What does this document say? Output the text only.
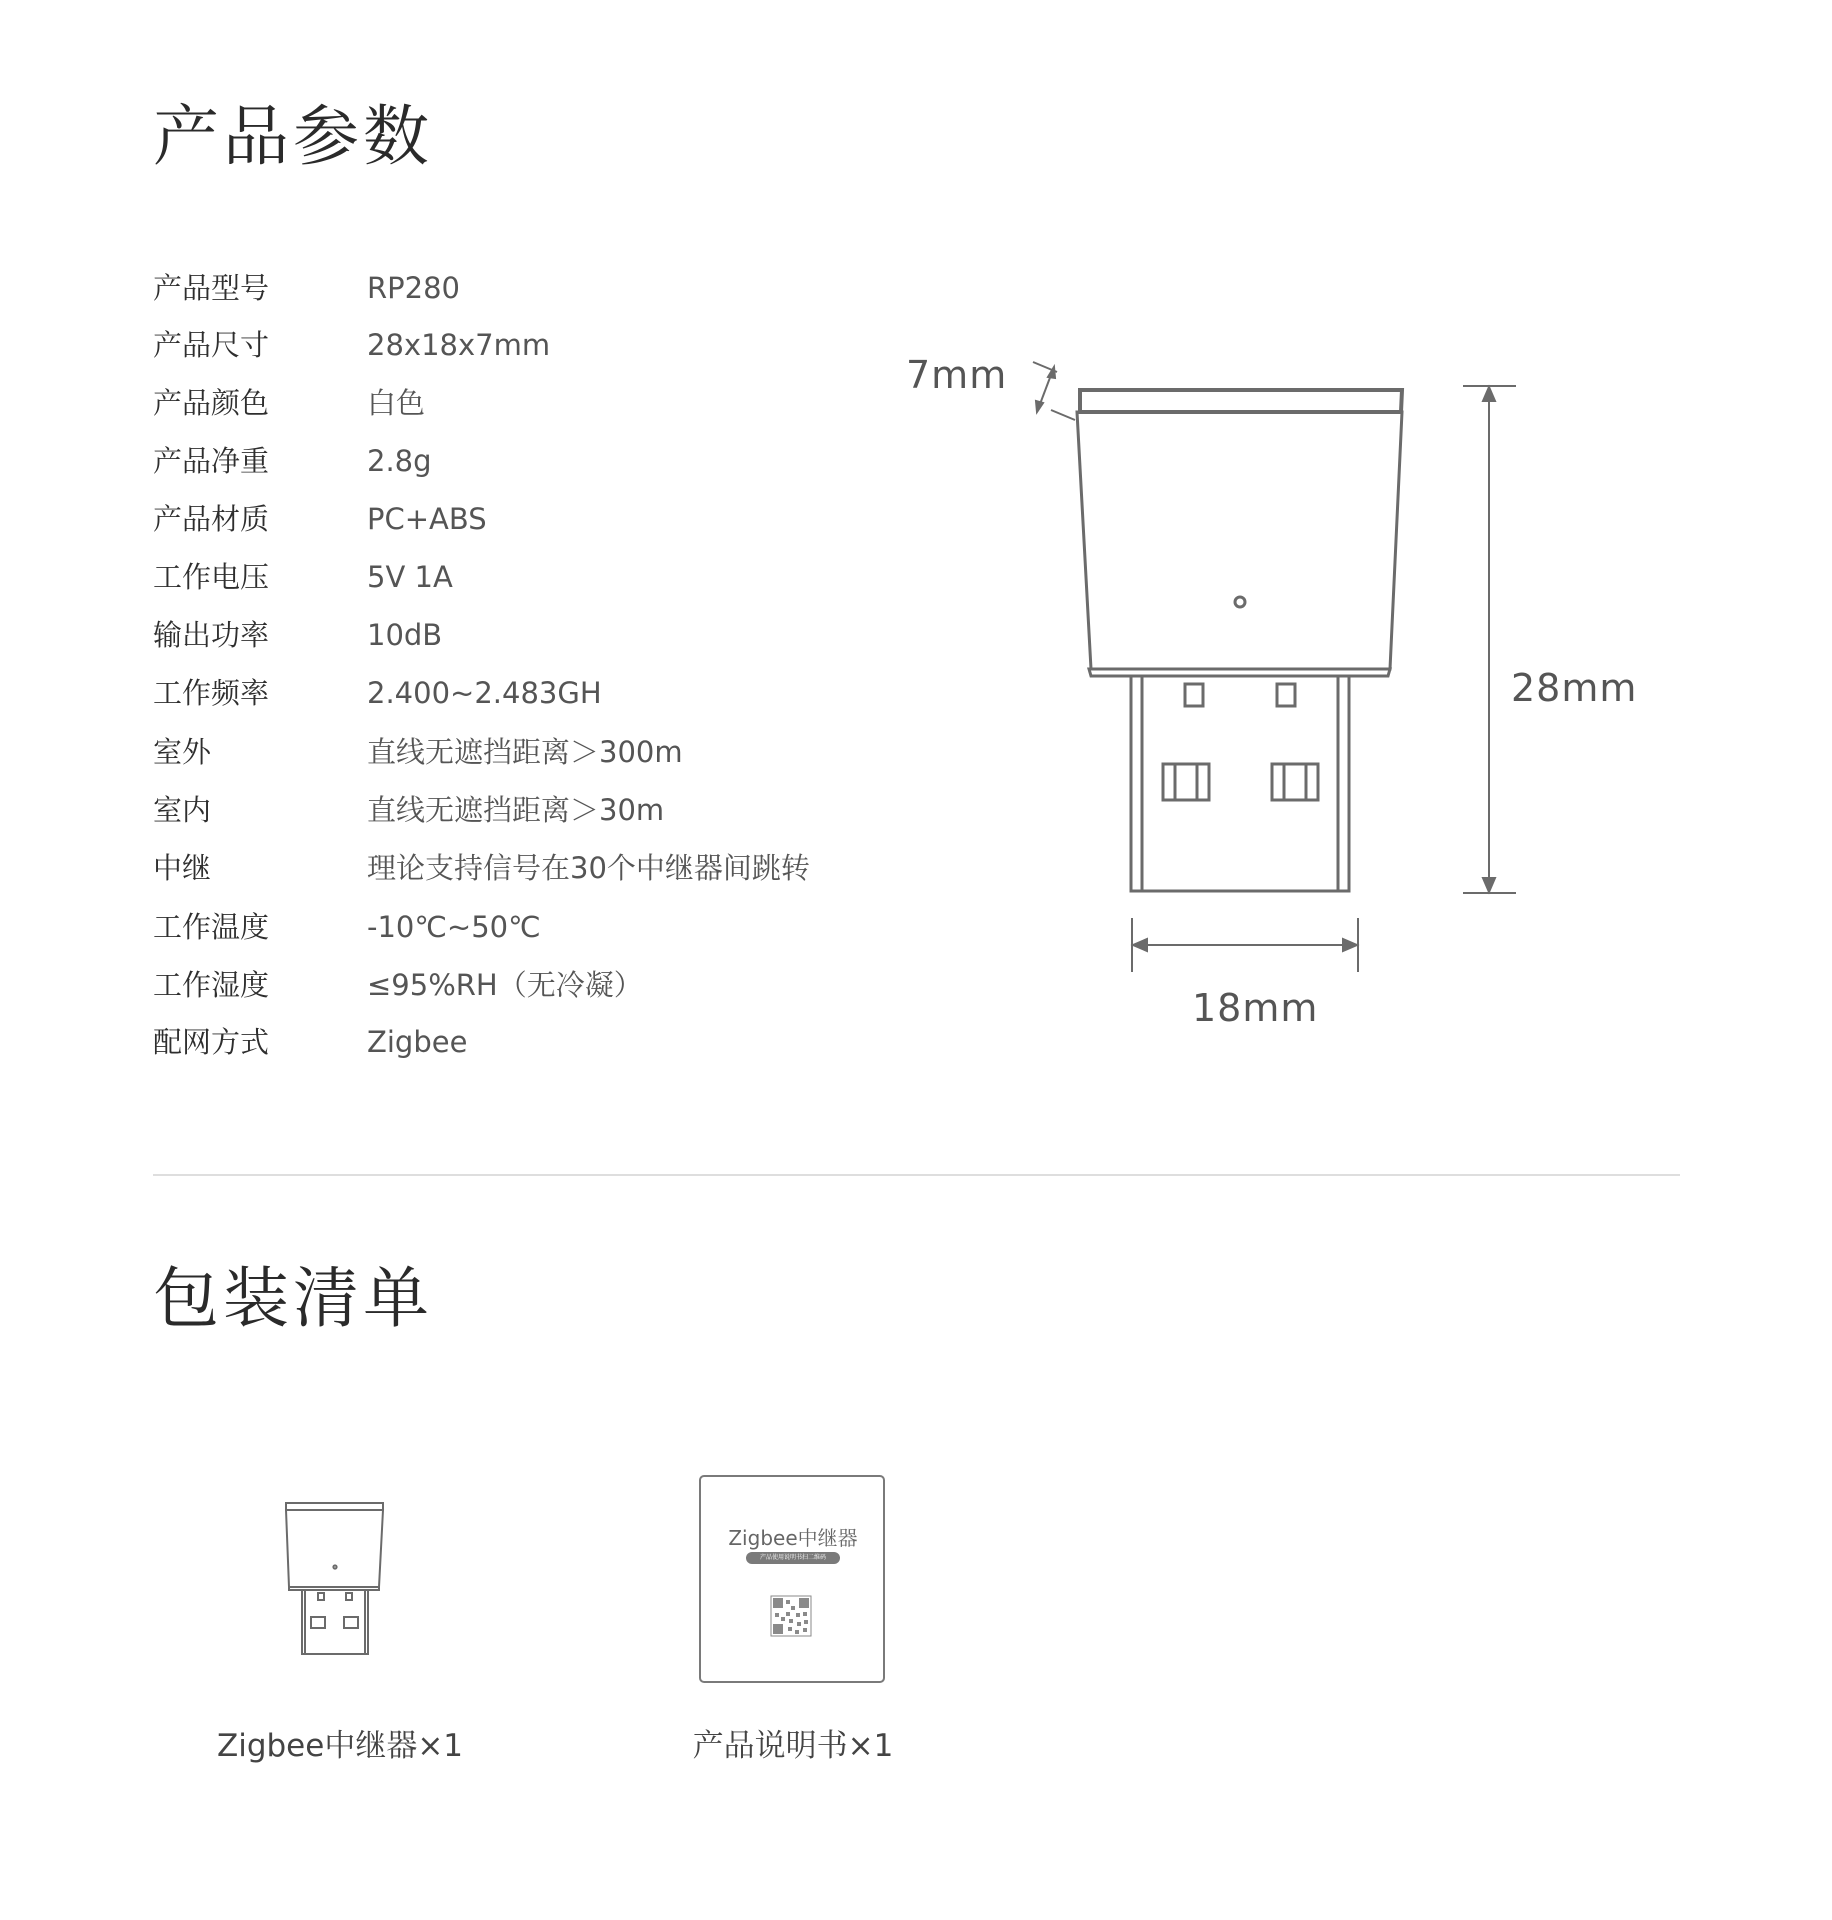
产品参数
产品型号	RP280
产品尺寸	28x18x7mm
产品颜色	白色
产品净重	2.8g
产品材质	PC+ABS
工作电压	5V 1A
输出功率	10dB
工作频率	2.400~2.483GH
室外	直线无遮挡距离＞300m
室内	直线无遮挡距离＞30m
中继	理论支持信号在30个中继器间跳转
工作温度	-10℃~50℃
工作湿度	≤95%RH（无冷凝）
配网方式	Zigbee
7mm
28mm
18mm
包装清单
Zigbee中继器
产品使用说明书扫二维码
Zigbee中继器×1	产品说明书×1
